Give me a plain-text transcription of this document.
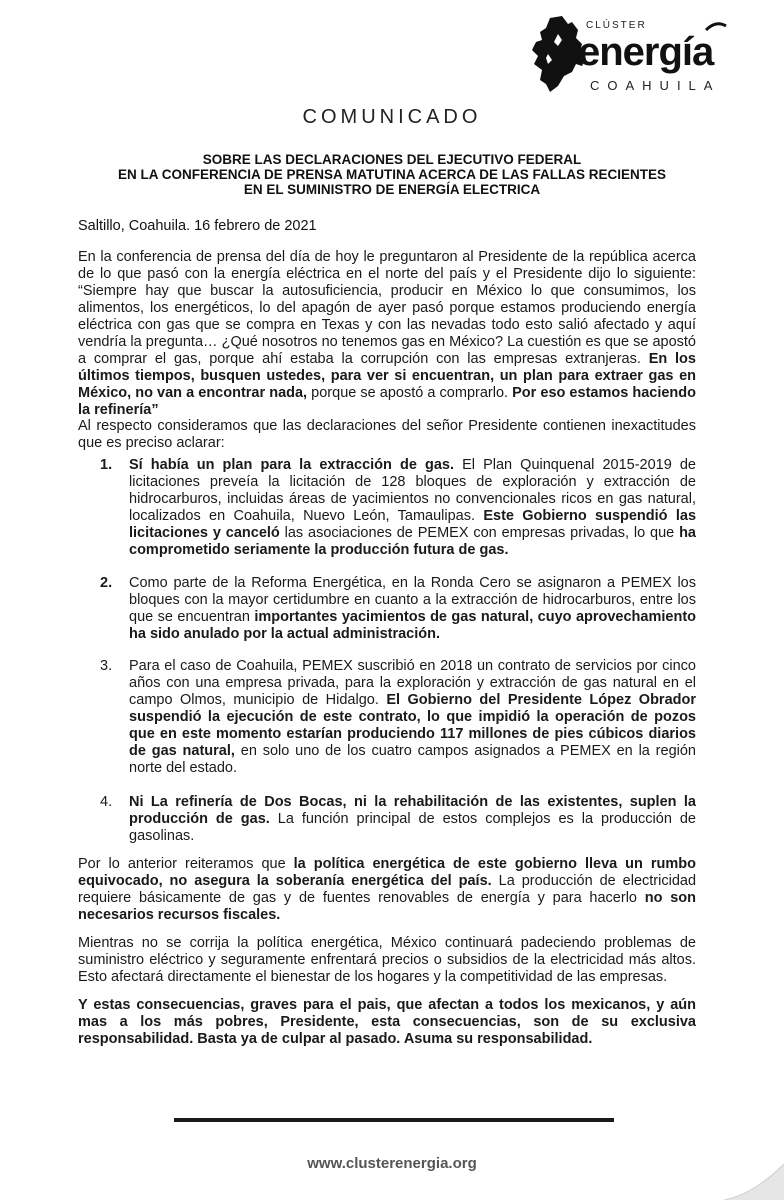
CLÚSTER
energía
COAHUILA
COMUNICADO
SOBRE LAS DECLARACIONES DEL EJECUTIVO FEDERAL
EN LA CONFERENCIA DE PRENSA MATUTINA ACERCA DE LAS FALLAS RECIENTES
EN EL SUMINISTRO DE ENERGÍA ELECTRICA
Saltillo, Coahuila. 16 febrero de 2021
En la conferencia de prensa del día de hoy le preguntaron al Presidente de la república acerca de lo que pasó con la energía eléctrica en el norte del país y el Presidente dijo lo siguiente: “Siempre hay que buscar la autosuficiencia, producir en México lo que consumimos, los alimentos, los energéticos, lo del apagón de ayer pasó porque estamos produciendo energía eléctrica con gas que se compra en Texas y con las nevadas todo esto salió afectado y aquí vendría la pregunta… ¿Qué nosotros no tenemos gas en México? La cuestión es que se apostó a comprar el gas, porque ahí estaba la corrupción con las empresas extranjeras. En los últimos tiempos, busquen ustedes, para ver si encuentran, un plan para extraer gas en México, no van a encontrar nada, porque se apostó a comprarlo. Por eso estamos haciendo la refinería”
Al respecto consideramos que las declaraciones del señor Presidente contienen inexactitudes que es preciso aclarar:
1.	Sí había un plan para la extracción de gas. El Plan Quinquenal 2015-2019 de licitaciones preveía la licitación de 128 bloques de exploración y extracción de hidrocarburos, incluidas áreas de yacimientos no convencionales ricos en gas natural, localizados en Coahuila, Nuevo León, Tamaulipas. Este Gobierno suspendió las licitaciones y canceló las asociaciones de PEMEX con empresas privadas, lo que ha comprometido seriamente la producción futura de gas.
2.	Como parte de la Reforma Energética, en la Ronda Cero se asignaron a PEMEX los bloques con la mayor certidumbre en cuanto a la extracción de hidrocarburos, entre los que se encuentran importantes yacimientos de gas natural, cuyo aprovechamiento ha sido anulado por la actual administración.
3.	Para el caso de Coahuila, PEMEX suscribió en 2018 un contrato de servicios por cinco años con una empresa privada, para la exploración y extracción de gas natural en el campo Olmos, municipio de Hidalgo. El Gobierno del Presidente López Obrador suspendió la ejecución de este contrato, lo que impidió la operación de pozos que en este momento estarían produciendo 117 millones de pies cúbicos diarios de gas natural, en solo uno de los cuatro campos asignados a PEMEX en la región norte del estado.
4.	Ni La refinería de Dos Bocas, ni la rehabilitación de las existentes, suplen la producción de gas. La función principal de estos complejos es la producción de gasolinas.
Por lo anterior reiteramos que la política energética de este gobierno lleva un rumbo equivocado, no asegura la soberanía energética del país. La producción de electricidad requiere básicamente de gas y de fuentes renovables de energía y para hacerlo no son necesarios recursos fiscales.
Mientras no se corrija la política energética, México continuará padeciendo problemas de suministro eléctrico y seguramente enfrentará precios o subsidios de la electricidad más altos. Esto afectará directamente el bienestar de los hogares y la competitividad de las empresas.
Y estas consecuencias, graves para el pais, que afectan a todos los mexicanos, y aún mas a los más pobres, Presidente, esta consecuencias, son de su exclusiva responsabilidad. Basta ya de culpar al pasado. Asuma su responsabilidad.
www.clusterenergia.org
